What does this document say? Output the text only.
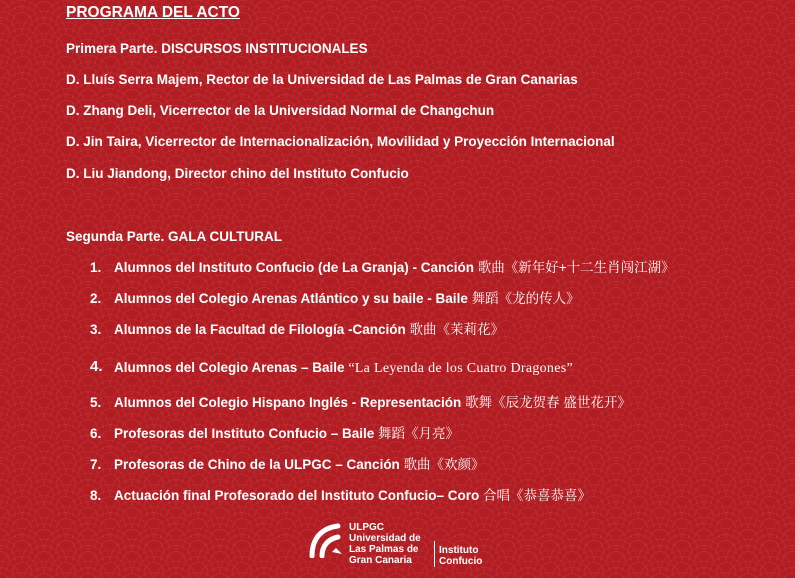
PROGRAMA DEL ACTO
Primera Parte. DISCURSOS INSTITUCIONALES
D. Lluís Serra Majem, Rector de la Universidad de Las Palmas de Gran Canarias
D. Zhang Deli, Vicerrector de la Universidad Normal de Changchun
D. Jin Taira, Vicerrector de Internacionalización, Movilidad y Proyección Internacional
D. Liu Jiandong, Director chino del Instituto Confucio
Segunda Parte. GALA CULTURAL
1. Alumnos del Instituto Confucio (de La Granja) - Canción 歌曲《新年好+十二生肖闯江湖》
2. Alumnos del Colegio Arenas Atlántico y su baile - Baile 舞蹈《龙的传人》
3. Alumnos de la Facultad de Filología -Canción 歌曲《茉莉花》
4. Alumnos del Colegio Arenas – Baile “La Leyenda de los Cuatro Dragones”
5. Alumnos del Colegio Hispano Inglés - Representación 歌舞《辰龙贺春 盛世花开》
6. Profesoras del Instituto Confucio – Baile 舞蹈《月亮》
7. Profesoras de Chino de la ULPGC – Canción 歌曲《欢颜》
8. Actuación final Profesorado del Instituto Confucio– Coro 合唱《恭喜恭喜》
ULPGC
Universidad de
Las Palmas de
Gran Canaria
Instituto
Confucio
